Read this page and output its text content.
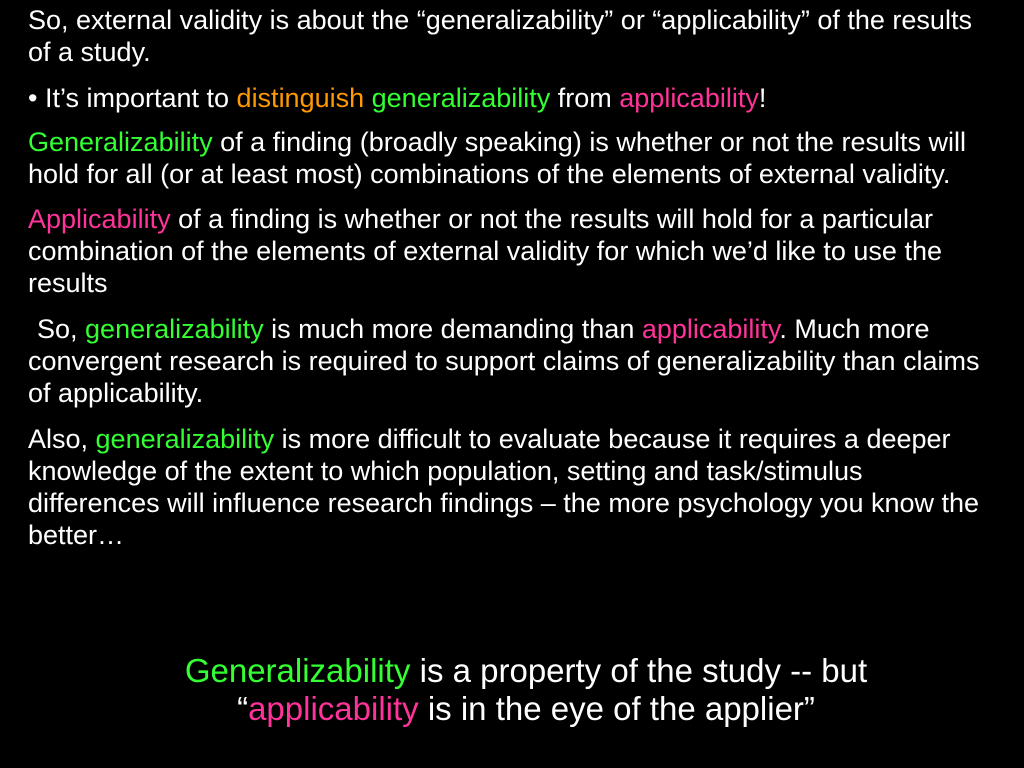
So, external validity is about the “generalizability” or “applicability” of the results of a study.

• It’s important to distinguish generalizability from applicability!

Generalizability of a finding (broadly speaking) is whether or not the results will hold for all (or at least most) combinations of the elements of external validity.

Applicability of a finding is whether or not the results will hold for a particular combination of the elements of external validity for which we’d like to use the results

So, generalizability is much more demanding than applicability. Much more convergent research is required to support claims of generalizability than claims of applicability.

Also, generalizability is more difficult to evaluate because it requires a deeper knowledge of the extent to which population, setting and task/stimulus differences will influence research findings – the more psychology you know the better…

Generalizability is a property of the study -- but
“applicability is in the eye of the applier”
